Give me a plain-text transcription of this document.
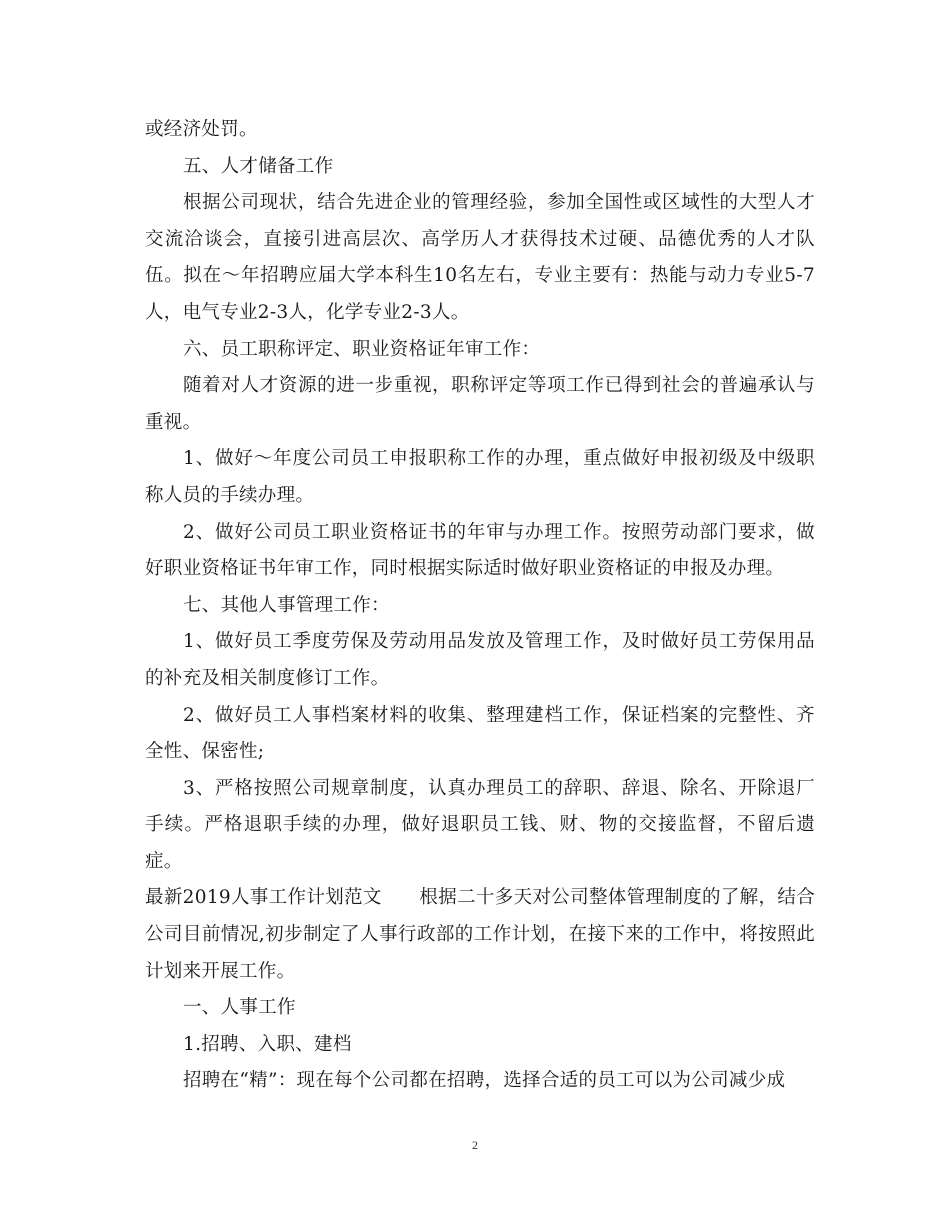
或经济处罚。

五、人才储备工作

根据公司现状，结合先进企业的管理经验，参加全国性或区域性的大型人才交流洽谈会，直接引进高层次、高学历人才获得技术过硬、品德优秀的人才队伍。拟在～年招聘应届大学本科生10名左右，专业主要有：热能与动力专业5-7人，电气专业2-3人，化学专业2-3人。

六、员工职称评定、职业资格证年审工作：

随着对人才资源的进一步重视，职称评定等项工作已得到社会的普遍承认与重视。

1、做好～年度公司员工申报职称工作的办理，重点做好申报初级及中级职称人员的手续办理。

2、做好公司员工职业资格证书的年审与办理工作。按照劳动部门要求，做好职业资格证书年审工作，同时根据实际适时做好职业资格证的申报及办理。

七、其他人事管理工作：

1、做好员工季度劳保及劳动用品发放及管理工作，及时做好员工劳保用品的补充及相关制度修订工作。

2、做好员工人事档案材料的收集、整理建档工作，保证档案的完整性、齐全性、保密性;

3、严格按照公司规章制度，认真办理员工的辞职、辞退、除名、开除退厂手续。严格退职手续的办理，做好退职员工钱、财、物的交接监督，不留后遗症。

最新2019人事工作计划范文　　根据二十多天对公司整体管理制度的了解，结合公司目前情况,初步制定了人事行政部的工作计划，在接下来的工作中，将按照此计划来开展工作。

一、人事工作

1.招聘、入职、建档

招聘在“精”：现在每个公司都在招聘，选择合适的员工可以为公司减少成

2
